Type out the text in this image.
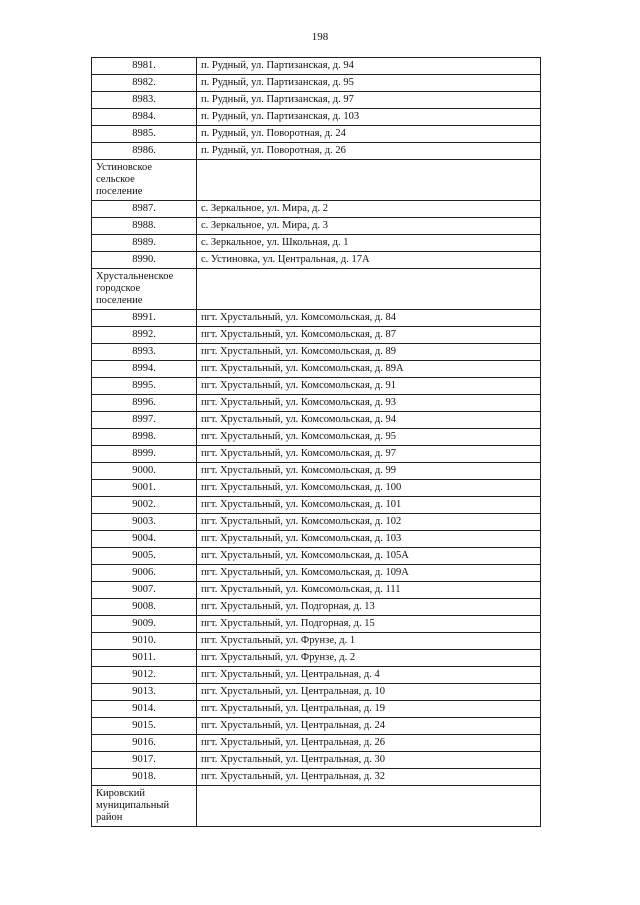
198
8981.	п. Рудный, ул. Партизанская, д. 94
8982.	п. Рудный, ул. Партизанская, д. 95
8983.	п. Рудный, ул. Партизанская, д. 97
8984.	п. Рудный, ул. Партизанская, д. 103
8985.	п. Рудный, ул. Поворотная, д. 24
8986.	п. Рудный, ул. Поворотная, д. 26

Устиновское
сельское
поселение	

8987.	с. Зеркальное, ул. Мира, д. 2
8988.	с. Зеркальное, ул. Мира, д. 3
8989.	с. Зеркальное, ул. Школьная, д. 1
8990.	с. Устиновка, ул. Центральная, д. 17А

Хрустальненское
городское
поселение	

8991.	пгт. Хрустальный, ул. Комсомольская, д. 84
8992.	пгт. Хрустальный, ул. Комсомольская, д. 87
8993.	пгт. Хрустальный, ул. Комсомольская, д. 89
8994.	пгт. Хрустальный, ул. Комсомольская, д. 89А
8995.	пгт. Хрустальный, ул. Комсомольская, д. 91
8996.	пгт. Хрустальный, ул. Комсомольская, д. 93
8997.	пгт. Хрустальный, ул. Комсомольская, д. 94
8998.	пгт. Хрустальный, ул. Комсомольская, д. 95
8999.	пгт. Хрустальный, ул. Комсомольская, д. 97
9000.	пгт. Хрустальный, ул. Комсомольская, д. 99
9001.	пгт. Хрустальный, ул. Комсомольская, д. 100
9002.	пгт. Хрустальный, ул. Комсомольская, д. 101
9003.	пгт. Хрустальный, ул. Комсомольская, д. 102
9004.	пгт. Хрустальный, ул. Комсомольская, д. 103
9005.	пгт. Хрустальный, ул. Комсомольская, д. 105А
9006.	пгт. Хрустальный, ул. Комсомольская, д. 109А
9007.	пгт. Хрустальный, ул. Комсомольская, д. 111
9008.	пгт. Хрустальный, ул. Подгорная, д. 13
9009.	пгт. Хрустальный, ул. Подгорная, д. 15
9010.	пгт. Хрустальный, ул. Фрунзе, д. 1
9011.	пгт. Хрустальный, ул. Фрунзе, д. 2
9012.	пгт. Хрустальный, ул. Центральная, д. 4
9013.	пгт. Хрустальный, ул. Центральная, д. 10
9014.	пгт. Хрустальный, ул. Центральная, д. 19
9015.	пгт. Хрустальный, ул. Центральная, д. 24
9016.	пгт. Хрустальный, ул. Центральная, д. 26
9017.	пгт. Хрустальный, ул. Центральная, д. 30
9018.	пгт. Хрустальный, ул. Центральная, д. 32

Кировский
муниципальный
район	
